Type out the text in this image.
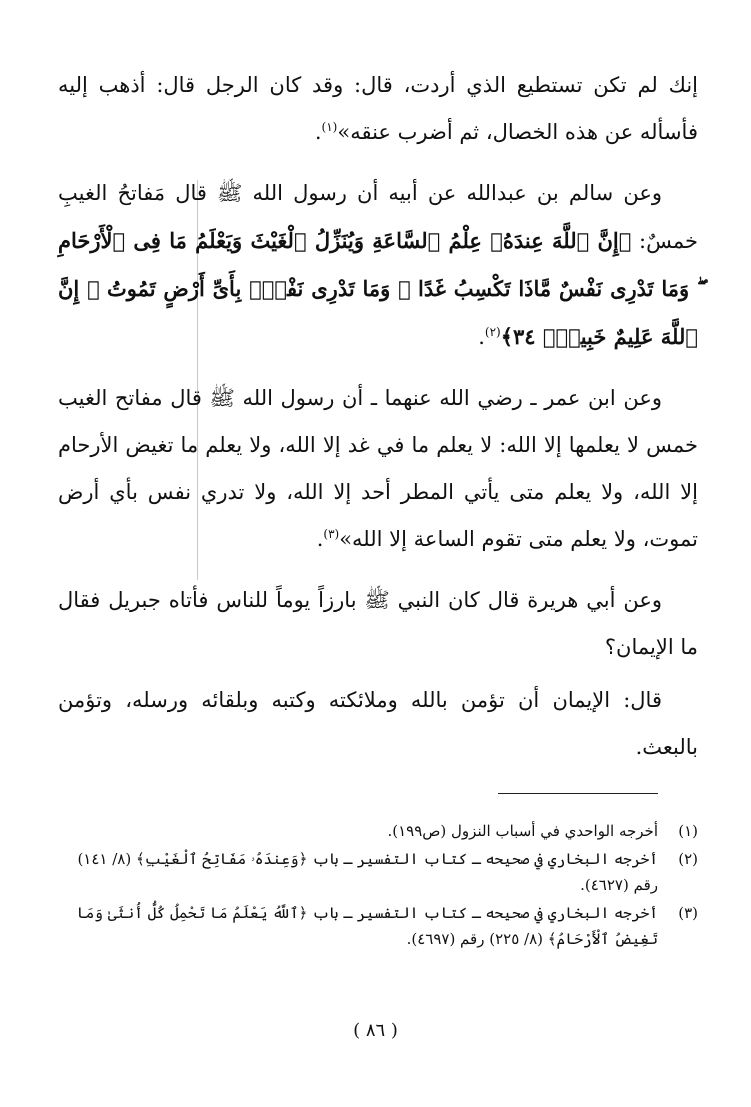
إنك لم تكن تستطيع الذي أردت، قال: وقد كان الرجل قال: أذهب إليه فأسأله عن هذه الخصال، ثم أضرب عنقه»$^{(١)}$.

وعن سالم بن عبدالله عن أبيه أن رسول الله ﷺ قال مَفاتحُ الغيبِ خمسٌ: ﴿إِنَّ ٱللَّهَ عِندَهُۥ عِلْمُ ٱلسَّاعَةِ وَيُنَزِّلُ ٱلْغَيْثَ وَيَعْلَمُ مَا فِى ٱلْأَرْحَامِ ۖ وَمَا تَدْرِى نَفْسٌ مَّاذَا تَكْسِبُ غَدًا ۖ وَمَا تَدْرِى نَفْسٌۢ بِأَىِّ أَرْضٍ تَمُوتُ ۚ إِنَّ ٱللَّهَ عَلِيمٌ خَبِيرٌۢ ٣٤﴾$^{(٢)}$.

وعن ابن عمر ـ رضي الله عنهما ـ أن رسول الله ﷺ قال مفاتح الغيب خمس لا يعلمها إلا الله: لا يعلم ما في غد إلا الله، ولا يعلم ما تغيض الأرحام إلا الله، ولا يعلم متى يأتي المطر أحد إلا الله، ولا تدري نفس بأي أرض تموت، ولا يعلم متى تقوم الساعة إلا الله»$^{(٣)}$.

وعن أبي هريرة قال كان النبي ﷺ بارزاً يوماً للناس فأتاه جبريل فقال ما الإيمان؟

قال: الإيمان أن تؤمن بالله وملائكته وكتبه وبلقائه ورسله، وتؤمن بالبعث.

(١)
أخرجه الواحدي في أسباب النزول (ص١٩٩).
(٢)
أخرجه البخاري في صحيحه ـ كتاب التفسير ـ باب ﴿وَعِندَهُۥ مَفَاتِحُ ٱلْغَيْبِ﴾ (٨/ ١٤١) رقم (٤٦٢٧).
(٣)
أخرجه البخاري في صحيحه ـ كتاب التفسير ـ باب ﴿ٱللَّهُ يَعْلَمُ مَا تَحْمِلُ كُلُّ أُنثَىٰ وَمَا تَغِيضُ ٱلْأَرْحَامُ﴾ (٨/ ٢٢٥) رقم (٤٦٩٧).
( ٨٦ )
